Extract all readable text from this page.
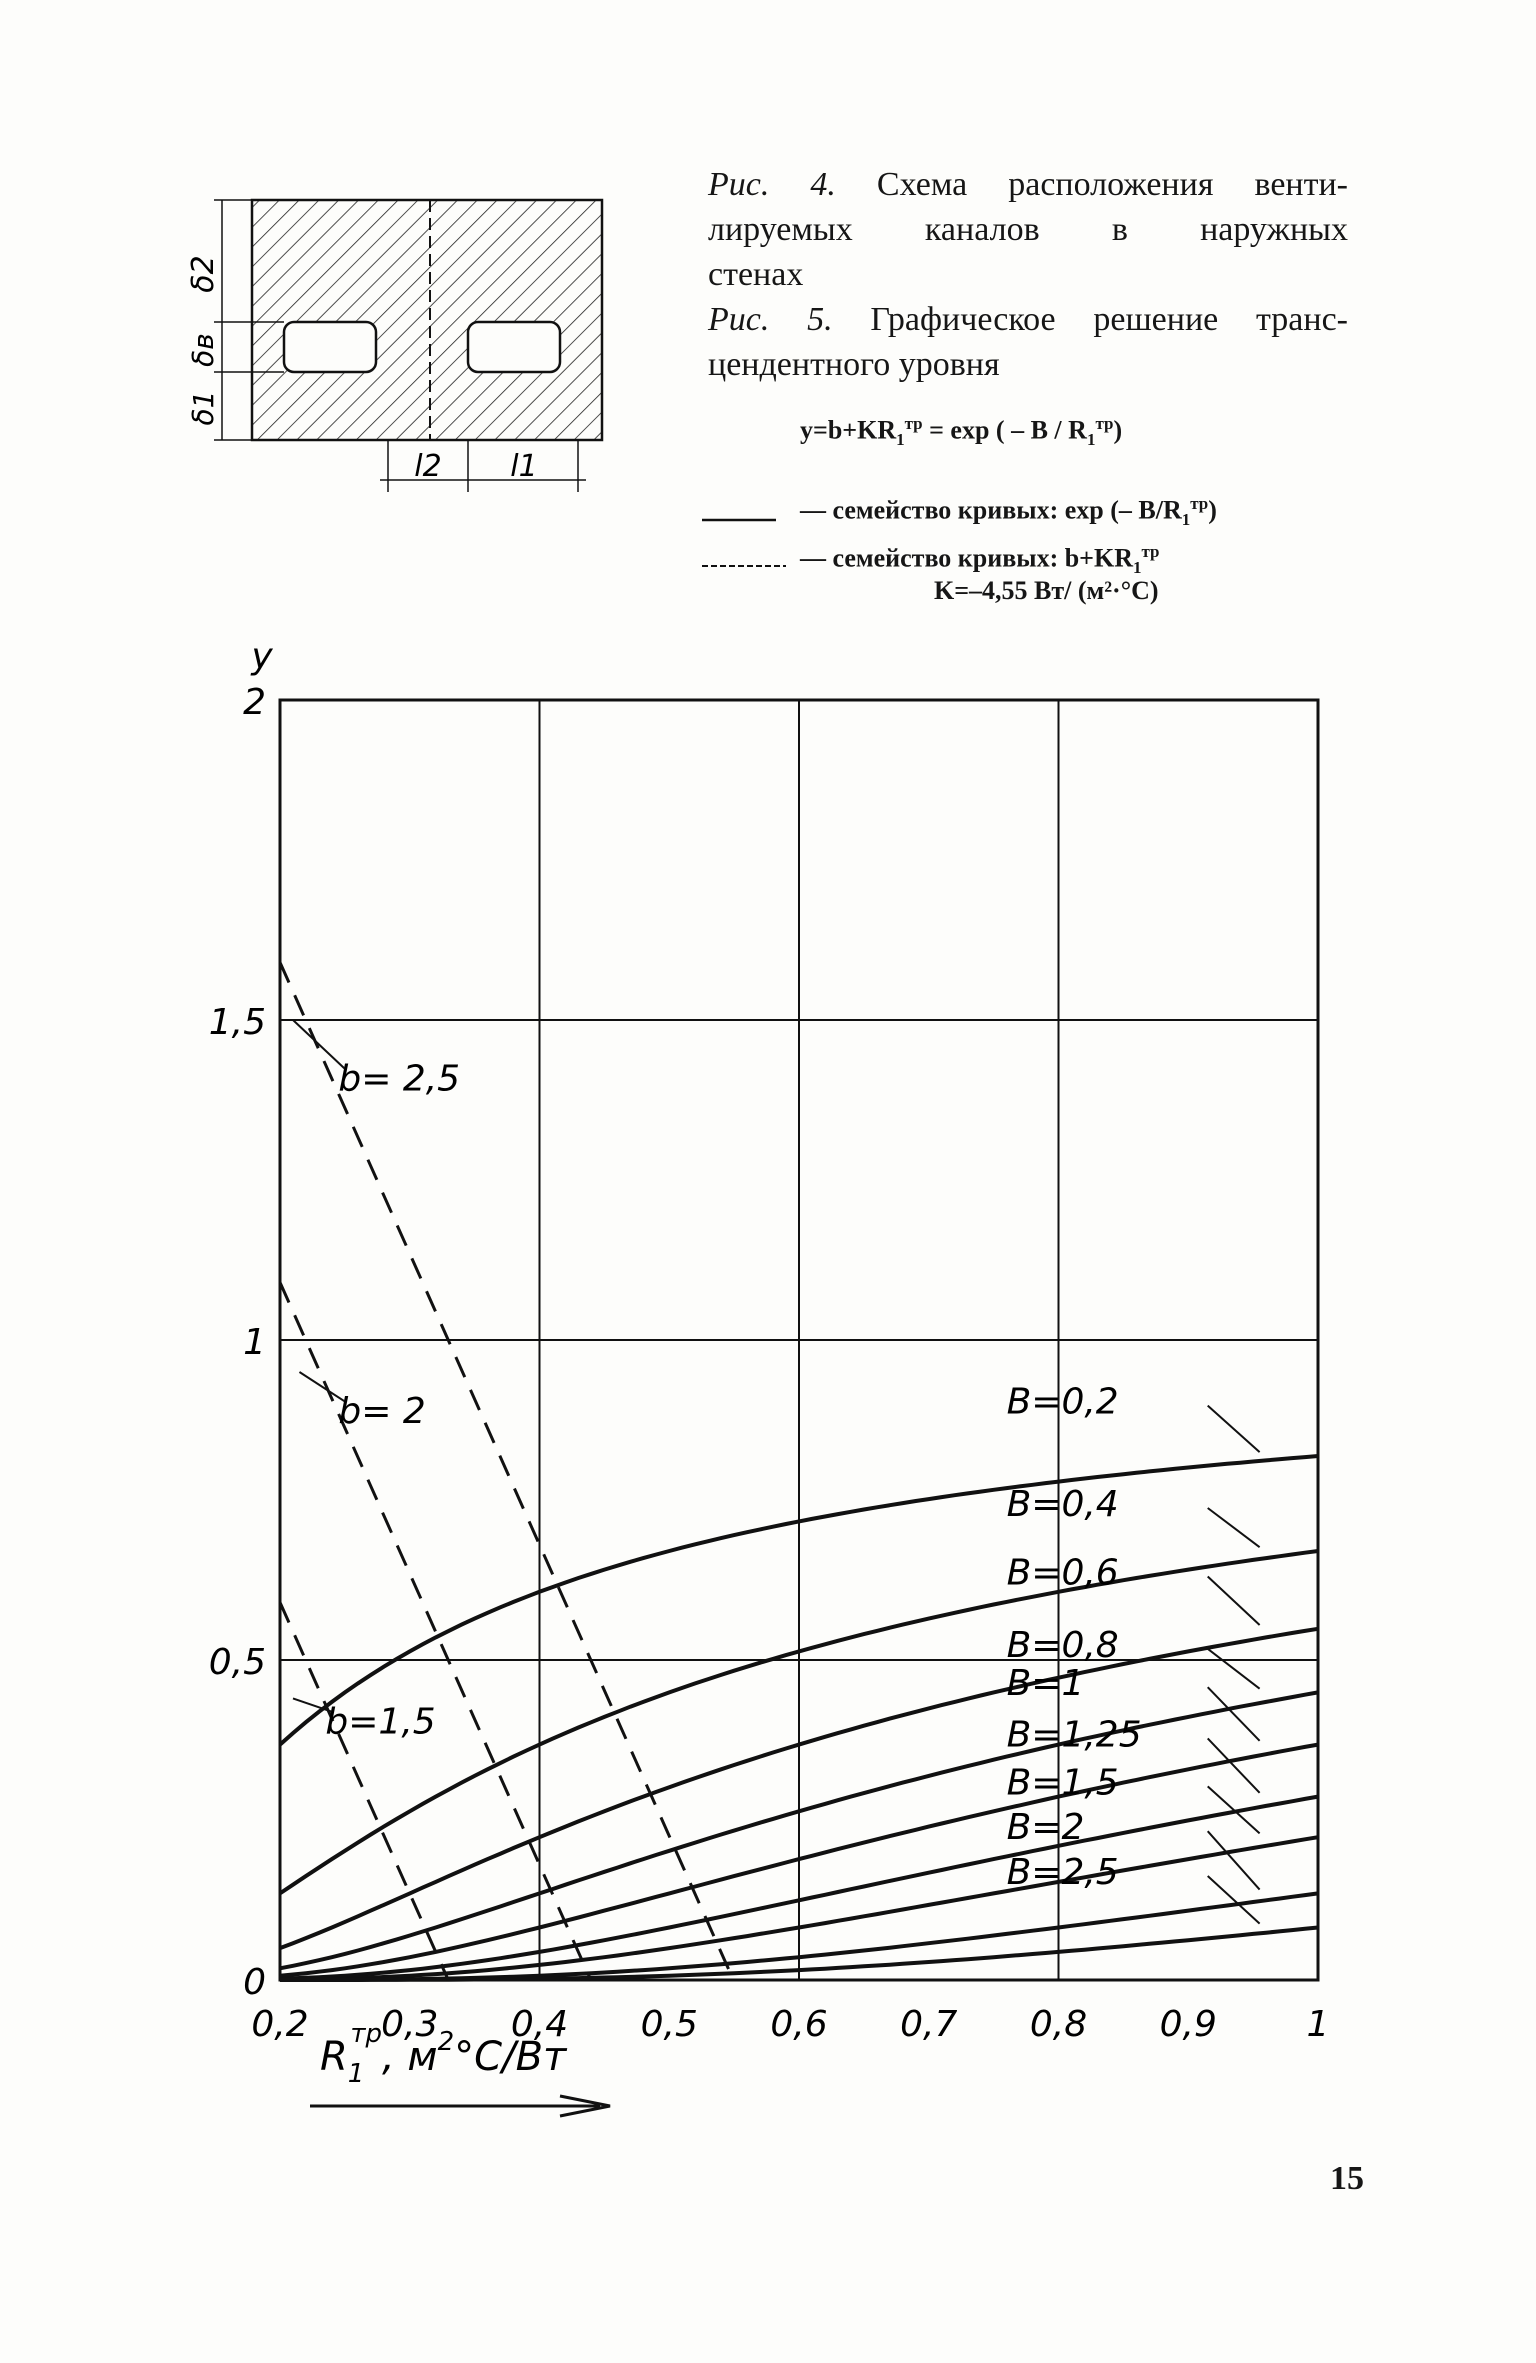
δ2
δв
δ1
l2 l1

Рис. 4. Схема расположения венти-

лируемых каналов в наружных

стенах

Рис. 5. Графическое решение транс-

цендентного уровня

$y=b+KR_1^{тр} = \exp$ ( – B / $R_1^{тр}$)
— семейство кривых: exp (– $B/R_1^{тр}$)
— семейство кривых: $b+KR_1^{тр}$
K=–4,55 Вт/ (м²·°С)
0,2 0,3 0,4 0,5 0,6 0,7 0,8 0,9 1
0
0,5
1
1,5
2
B=0,2
B=0,4
B=0,6
B=0,8
B=1
B=1,25
B=1,5
B=2
B=2,5
b= 2,5
b= 2
b=1,5
y
$R_1тр$, $м^2^\circ С/Вт$
15
